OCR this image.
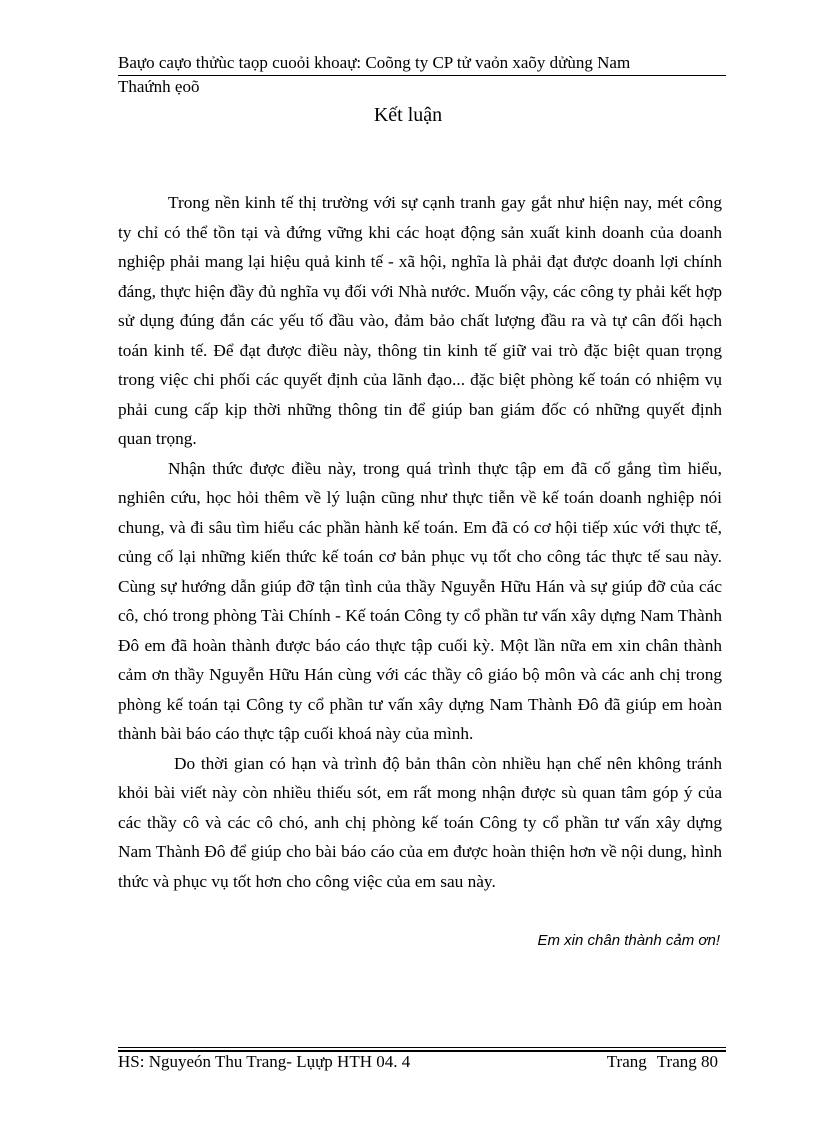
Baựo caựo thửùc taọp cuoỏi khoaự: Coõng ty CP tử vaỏn xaõy dửùng Nam
Thaứnh ẹoõ
Kết luận

Trong nền kinh tế thị trường với sự cạnh tranh gay gắt như hiện nay, mét công ty chỉ có thể tồn tại và đứng vững khi các hoạt động sản xuất kinh doanh của doanh nghiệp phải mang lại hiệu quả kinh tế - xã hội, nghĩa là phải đạt được doanh lợi chính đáng, thực hiện đầy đủ nghĩa vụ đối với Nhà nước. Muốn vậy, các công ty phải kết hợp sử dụng đúng đắn các yếu tố đầu vào, đảm bảo chất lượng đầu ra và tự cân đối hạch toán kinh tế. Để đạt được điều này, thông tin kinh tế giữ vai trò đặc biệt quan trọng trong việc chi phối các quyết định của lãnh đạo... đặc biệt phòng kế toán có nhiệm vụ phải cung cấp kịp thời những thông tin để giúp ban giám đốc có những quyết định quan trọng.

Nhận thức được điều này, trong quá trình thực tập em đã cố gắng tìm hiểu, nghiên cứu, học hỏi thêm về lý luận cũng như thực tiễn về kế toán doanh nghiệp nói chung, và đi sâu tìm hiểu các phần hành kế toán. Em đã có cơ hội tiếp xúc với thực tế, củng cố lại những kiến thức kế toán cơ bản phục vụ tốt cho công tác thực tế sau này. Cùng sự hướng dẫn giúp đỡ tận tình của thầy Nguyễn Hữu Hán và sự giúp đỡ của các cô, chó trong phòng Tài Chính - Kế toán Công ty cổ phần tư vấn xây dựng Nam Thành Đô em đã hoàn thành được báo cáo thực tập cuối kỳ. Một lần nữa em xin chân thành cảm ơn thầy Nguyễn Hữu Hán cùng với các thầy cô giáo bộ môn và các anh chị trong phòng kế toán tại Công ty cổ phần tư vấn xây dựng Nam Thành Đô đã giúp em hoàn thành bài báo cáo thực tập cuối khoá này của mình.

Do thời gian có hạn và trình độ bản thân còn nhiều hạn chế nên không tránh khỏi bài viết này còn nhiều thiếu sót, em rất mong nhận được sù quan tâm góp ý của các thầy cô và các cô chó, anh chị phòng kế toán Công ty cổ phần tư vấn xây dựng Nam Thành Đô để giúp cho bài báo cáo của em được hoàn thiện hơn về nội dung, hình thức và phục vụ tốt hơn cho công việc của em sau này.

Em xin chân thành cảm ơn!
HS: Nguyeón Thu Trang- Lụựp HTH 04. 4	Trang Trang 80
